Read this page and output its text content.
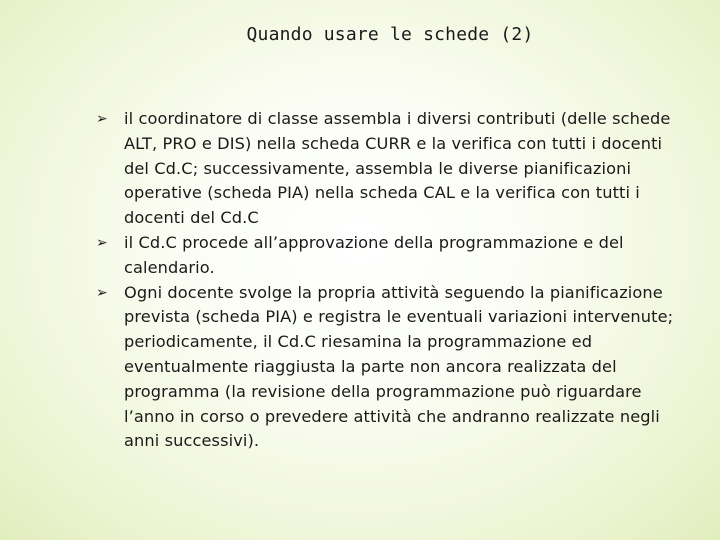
Quando usare le schede (2)
➢	il coordinatore di classe assembla i diversi contributi (delle schede ALT, PRO e DIS) nella scheda CURR e la verifica con tutti i docenti del Cd.C; successivamente, assembla le diverse pianificazioni operative (scheda PIA) nella scheda CAL e la verifica con tutti i docenti del Cd.C
➢	il Cd.C procede all’approvazione della programmazione e del calendario.
➢	Ogni docente svolge la propria attività seguendo la pianificazione prevista (scheda PIA) e registra le eventuali variazioni intervenute; periodicamente, il Cd.C riesamina la programmazione ed eventualmente riaggiusta la parte non ancora realizzata del programma (la revisione della programmazione può riguardare l’anno in corso o prevedere attività che andranno realizzate negli anni successivi).
